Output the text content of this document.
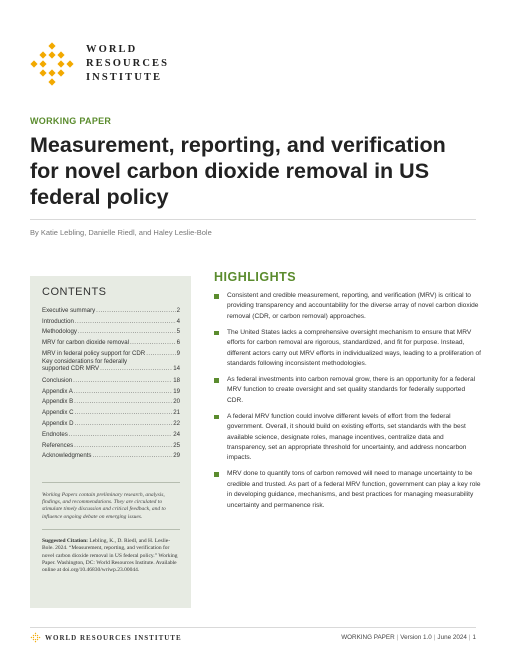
WORLD
RESOURCES
INSTITUTE
WORKING PAPER
Measurement, reporting, and verification for novel carbon dioxide removal in US federal policy
By Katie Lebling, Danielle Riedl, and Haley Leslie-Bole
CONTENTS
Executive summary . . .	2
Introduction . . .	4
Methodology . . .	5
MRV for carbon dioxide removal . . .	6
MRV in federal policy support for CDR . . .	9
Key considerations for federally
supported CDR MRV . . .	14
Conclusion . . .	18
Appendix A . . .	19
Appendix B . . .	20
Appendix C . . .	21
Appendix D . . .	22
Endnotes . . .	24
References . . .	25
Acknowledgments . . .	29
Working Papers contain preliminary research, analysis, findings, and recommendations. They are circulated to stimulate timely discussion and critical feedback, and to influence ongoing debate on emerging issues.
Suggested Citation: Lebling, K., D. Riedl, and H. Leslie-Bole. 2024. “Measurement, reporting, and verification for novel carbon dioxide removal in US federal policy.” Working Paper. Washington, DC: World Resources Institute. Available online at doi.org/10.46830/wriwp.23.00044.
HIGHLIGHTS
Consistent and credible measurement, reporting, and verification (MRV) is critical to providing transparency and accountability for the diverse array of novel carbon dioxide removal (CDR, or carbon removal) approaches.
The United States lacks a comprehensive oversight mechanism to ensure that MRV efforts for carbon removal are rigorous, standardized, and fit for purpose. Instead, different actors carry out MRV efforts in individualized ways, leading to a proliferation of standards following inconsistent methodologies.
As federal investments into carbon removal grow, there is an opportunity for a federal MRV function to create oversight and set quality standards for federally supported CDR.
A federal MRV function could involve different levels of effort from the federal government. Overall, it should build on existing efforts, set standards with the best available science, designate roles, manage incentives, centralize data and transparency, set an appropriate threshold for uncertainty, and address noncarbon impacts.
MRV done to quantify tons of carbon removed will need to manage uncertainty to be credible and trusted. As part of a federal MRV function, government can play a key role in developing guidance, mechanisms, and best practices for managing measurability uncertainty and permanence risk.
WORLD RESOURCES INSTITUTE	WORKING PAPER | Version 1.0 | June 2024 | 1
